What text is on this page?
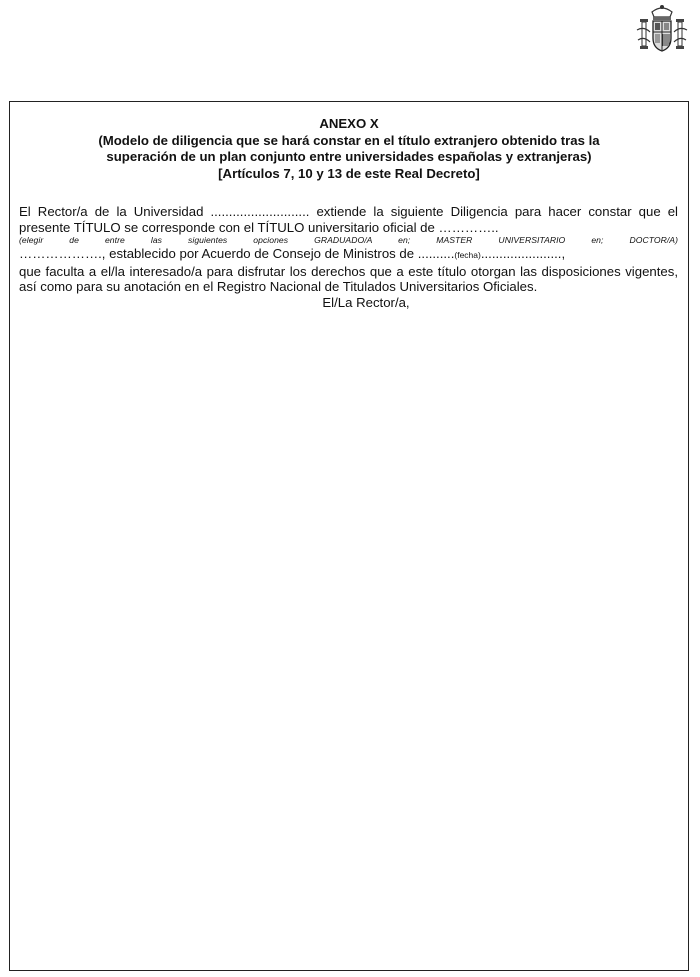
ANEXO X
(Modelo de diligencia que se hará constar en el título extranjero obtenido tras la
superación de un plan conjunto entre universidades españolas y extranjeras)
[Artículos 7, 10 y 13 de este Real Decreto]
El Rector/a de la Universidad ........................... extiende la siguiente Diligencia para hacer constar que el presente TÍTULO se corresponde con el TÍTULO universitario oficial de …………..
(elegir de entre las siguientes opciones GRADUADO/A en; MASTER UNIVERSITARIO en; DOCTOR/A)
………………., establecido por Acuerdo de Consejo de Ministros de ..........(fecha)......................,
que faculta a el/la interesado/a para disfrutar los derechos que a este título otorgan las disposiciones vigentes, así como para su anotación en el Registro Nacional de Titulados Universitarios Oficiales.
El/La Rector/a,
